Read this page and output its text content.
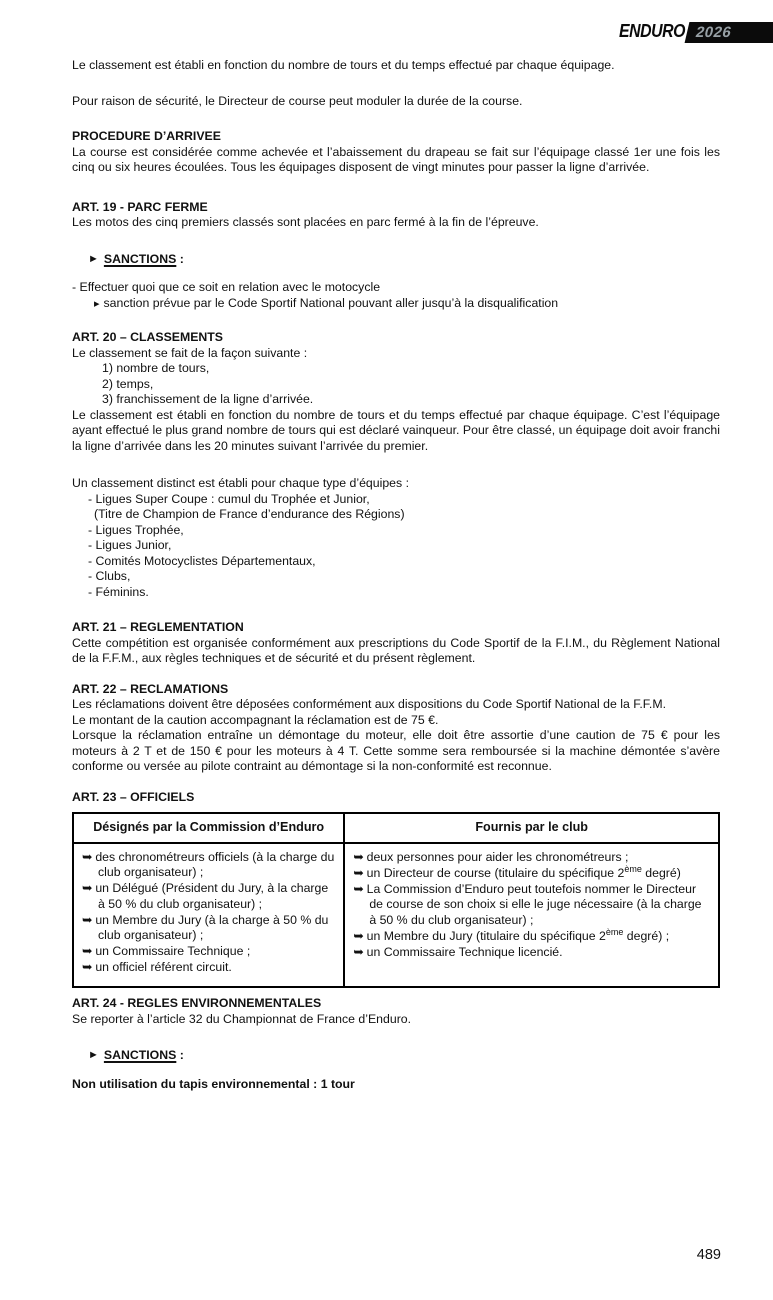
ENDURO 2026

Le classement est établi en fonction du nombre de tours et du temps effectué par chaque équipage.

Pour raison de sécurité, le Directeur de course peut moduler la durée de la course.

PROCEDURE D’ARRIVEE
La course est considérée comme achevée et l’abaissement du drapeau se fait sur l’équipage classé 1er une fois les cinq ou six heures écoulées. Tous les équipages disposent de vingt minutes pour passer la ligne d’arrivée.
ART. 19 - PARC FERME
Les motos des cinq premiers classés sont placées en parc fermé à la fin de l’épreuve.
► SANCTIONS :
- Effectuer quoi que ce soit en relation avec le motocycle
▸ sanction prévue par le Code Sportif National pouvant aller jusqu’à la disqualification
ART. 20 – CLASSEMENTS
Le classement se fait de la façon suivante :
1) nombre de tours,
2) temps,
3) franchissement de la ligne d’arrivée.
Le classement est établi en fonction du nombre de tours et du temps effectué par chaque équipage. C’est l’équipage ayant effectué le plus grand nombre de tours qui est déclaré vainqueur. Pour être classé, un équipage doit avoir franchi la ligne d’arrivée dans les 20 minutes suivant l’arrivée du premier.
Un classement distinct est établi pour chaque type d’équipes :
- Ligues Super Coupe : cumul du Trophée et Junior,
(Titre de Champion de France d’endurance des Régions)
- Ligues Trophée,
- Ligues Junior,
- Comités Motocyclistes Départementaux,
- Clubs,
- Féminins.
ART. 21 – REGLEMENTATION
Cette compétition est organisée conformément aux prescriptions du Code Sportif de la F.I.M., du Règlement National de la F.F.M., aux règles techniques et de sécurité et du présent règlement.
ART. 22 – RECLAMATIONS
Les réclamations doivent être déposées conformément aux dispositions du Code Sportif National de la F.F.M.
Le montant de la caution accompagnant la réclamation est de 75 €.
Lorsque la réclamation entraîne un démontage du moteur, elle doit être assortie d’une caution de 75 € pour les moteurs à 2 T et de 150 € pour les moteurs à 4 T. Cette somme sera remboursée si la machine démontée s’avère conforme ou versée au pilote contraint au démontage si la non-conformité est reconnue.
ART. 23 – OFFICIELS
Désignés par la Commission d’Enduro	Fournis par le club

➥ des chronométreurs officiels (à la charge du club organisateur) ;
➥ un Délégué (Président du Jury, à la charge à 50 % du club organisateur) ;
➥ un Membre du Jury (à la charge à 50 % du club organisateur) ;
➥ un Commissaire Technique ;
➥ un officiel référent circuit.

➥ deux personnes pour aider les chronométreurs ;
➥ un Directeur de course (titulaire du spécifique 2ème degré)
➥ La Commission d’Enduro peut toutefois nommer le Directeur de course de son choix si elle le juge nécessaire (à la charge à 50 % du club organisateur) ;
➥ un Membre du Jury (titulaire du spécifique 2ème degré) ;
➥ un Commissaire Technique licencié.
ART. 24 - REGLES ENVIRONNEMENTALES
Se reporter à l’article 32 du Championnat de France d’Enduro.
► SANCTIONS :
Non utilisation du tapis environnemental : 1 tour
489
